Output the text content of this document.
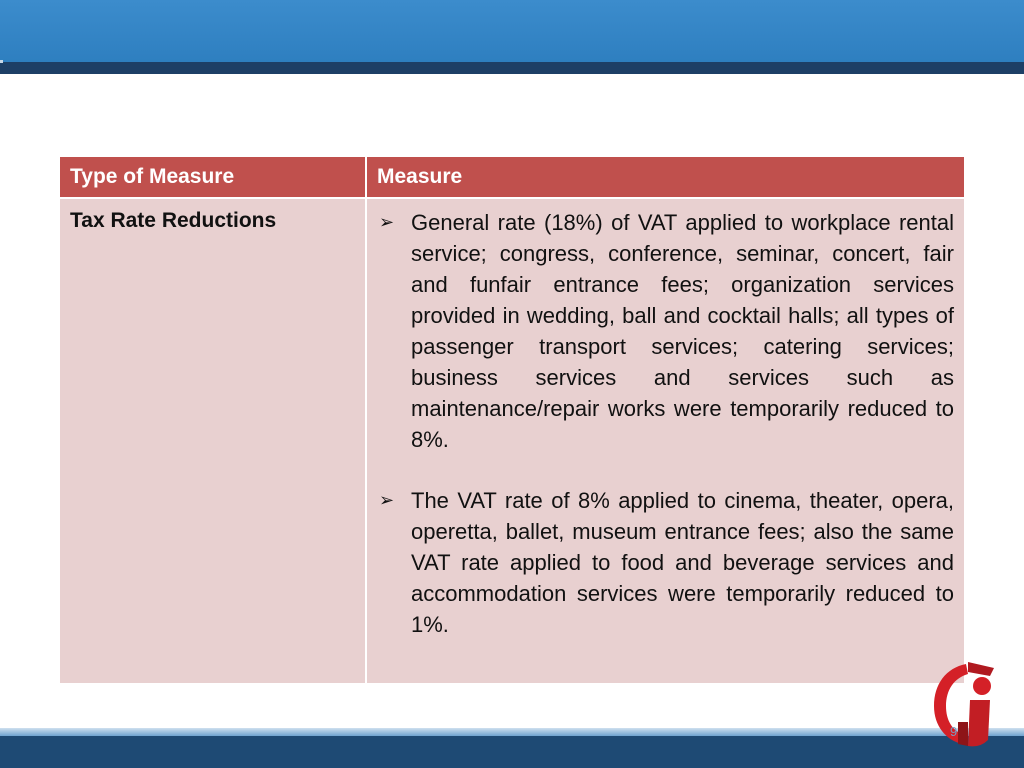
Type of Measure	Measure
Tax Rate Reductions	➢ General rate (18%) of VAT applied to workplace rental service; congress, conference, seminar, concert, fair and funfair entrance fees; organization services provided in wedding, ball and cocktail halls; all types of passenger transport services; catering services; business services and services such as maintenance/repair works were temporarily reduced to 8%.
➢ The VAT rate of 8% applied to cinema, theater, opera, operetta, ballet, museum entrance fees; also the same VAT rate applied to food and beverage services and accommodation services were temporarily reduced to 1%.
9
